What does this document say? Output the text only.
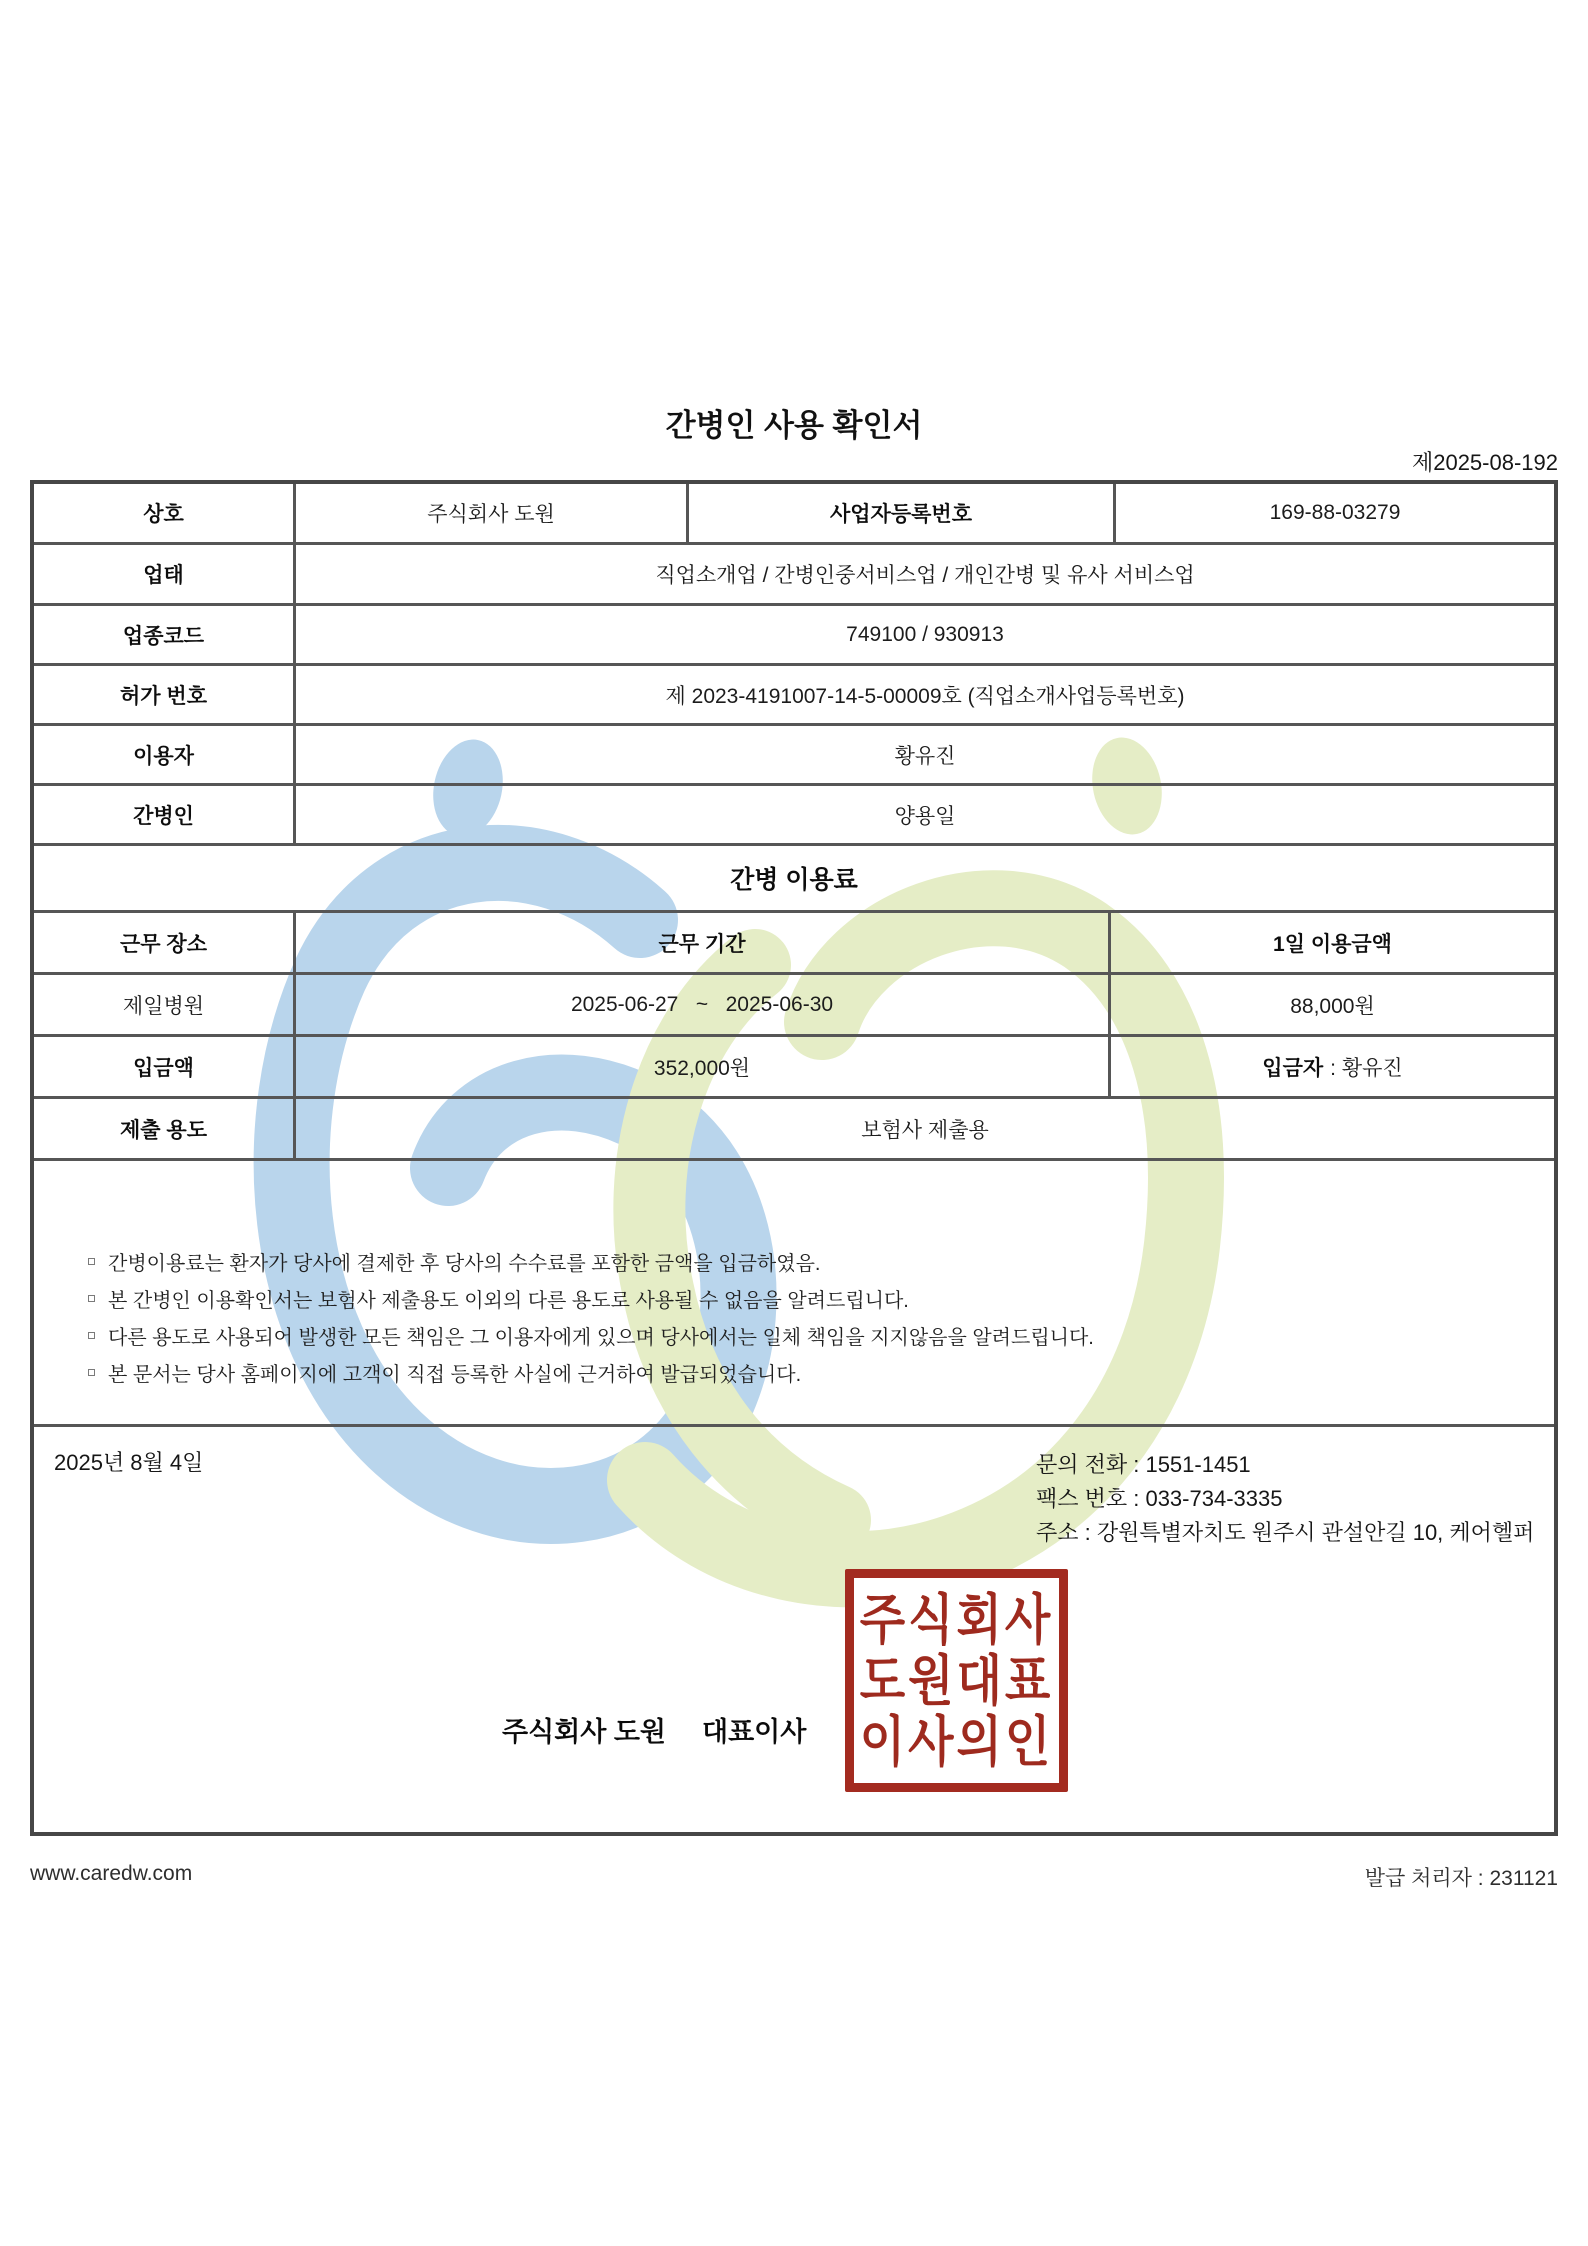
간병인 사용 확인서
제2025-08-192
상호	주식회사 도원	사업자등록번호	169-88-03279
업태	직업소개업 / 간병인중서비스업 / 개인간병 및 유사 서비스업
업종코드	749100 / 930913
허가 번호	제 2023-4191007-14-5-00009호 (직업소개사업등록번호)
이용자	황유진
간병인	양용일
간병 이용료
근무 장소	근무 기간	1일 이용금액
제일병원	2025-06-27   ~   2025-06-30	88,000원
입금액	352,000원	입금자 : 황유진
제출 용도	보험사 제출용
간병이용료는 환자가 당사에 결제한 후 당사의 수수료를 포함한 금액을 입금하였음.
본 간병인 이용확인서는 보험사 제출용도 이외의 다른 용도로 사용될 수 없음을 알려드립니다.
다른 용도로 사용되어 발생한 모든 책임은 그 이용자에게 있으며 당사에서는 일체 책임을 지지않음을 알려드립니다.
본 문서는 당사 홈페이지에 고객이 직접 등록한 사실에 근거하여 발급되었습니다.
2025년 8월 4일	문의 전화 : 1551-1451
팩스 번호 : 033-734-3335
주소 : 강원특별자치도 원주시 관설안길 10, 케어헬퍼
주식회사 도원 대표이사
주식회사
도원대표
이사의인
www.caredw.com	발급 처리자 : 231121
